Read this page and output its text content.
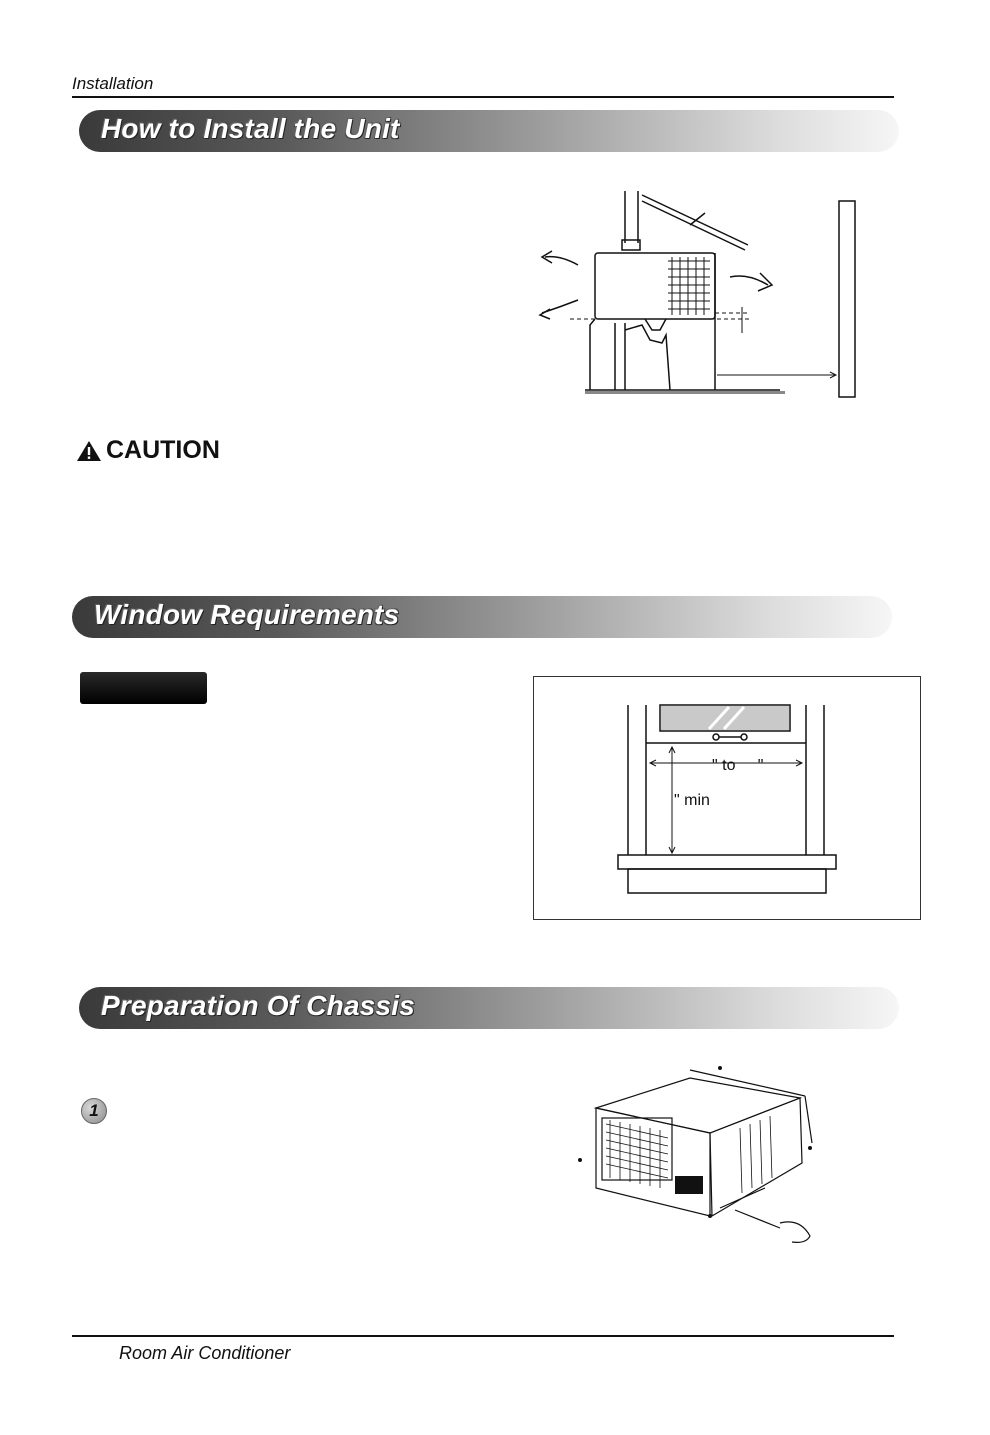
Installation
How to Install the Unit
CAUTION
Window Requirements
" to     "
" min
Preparation Of Chassis
1
Room Air Conditioner
